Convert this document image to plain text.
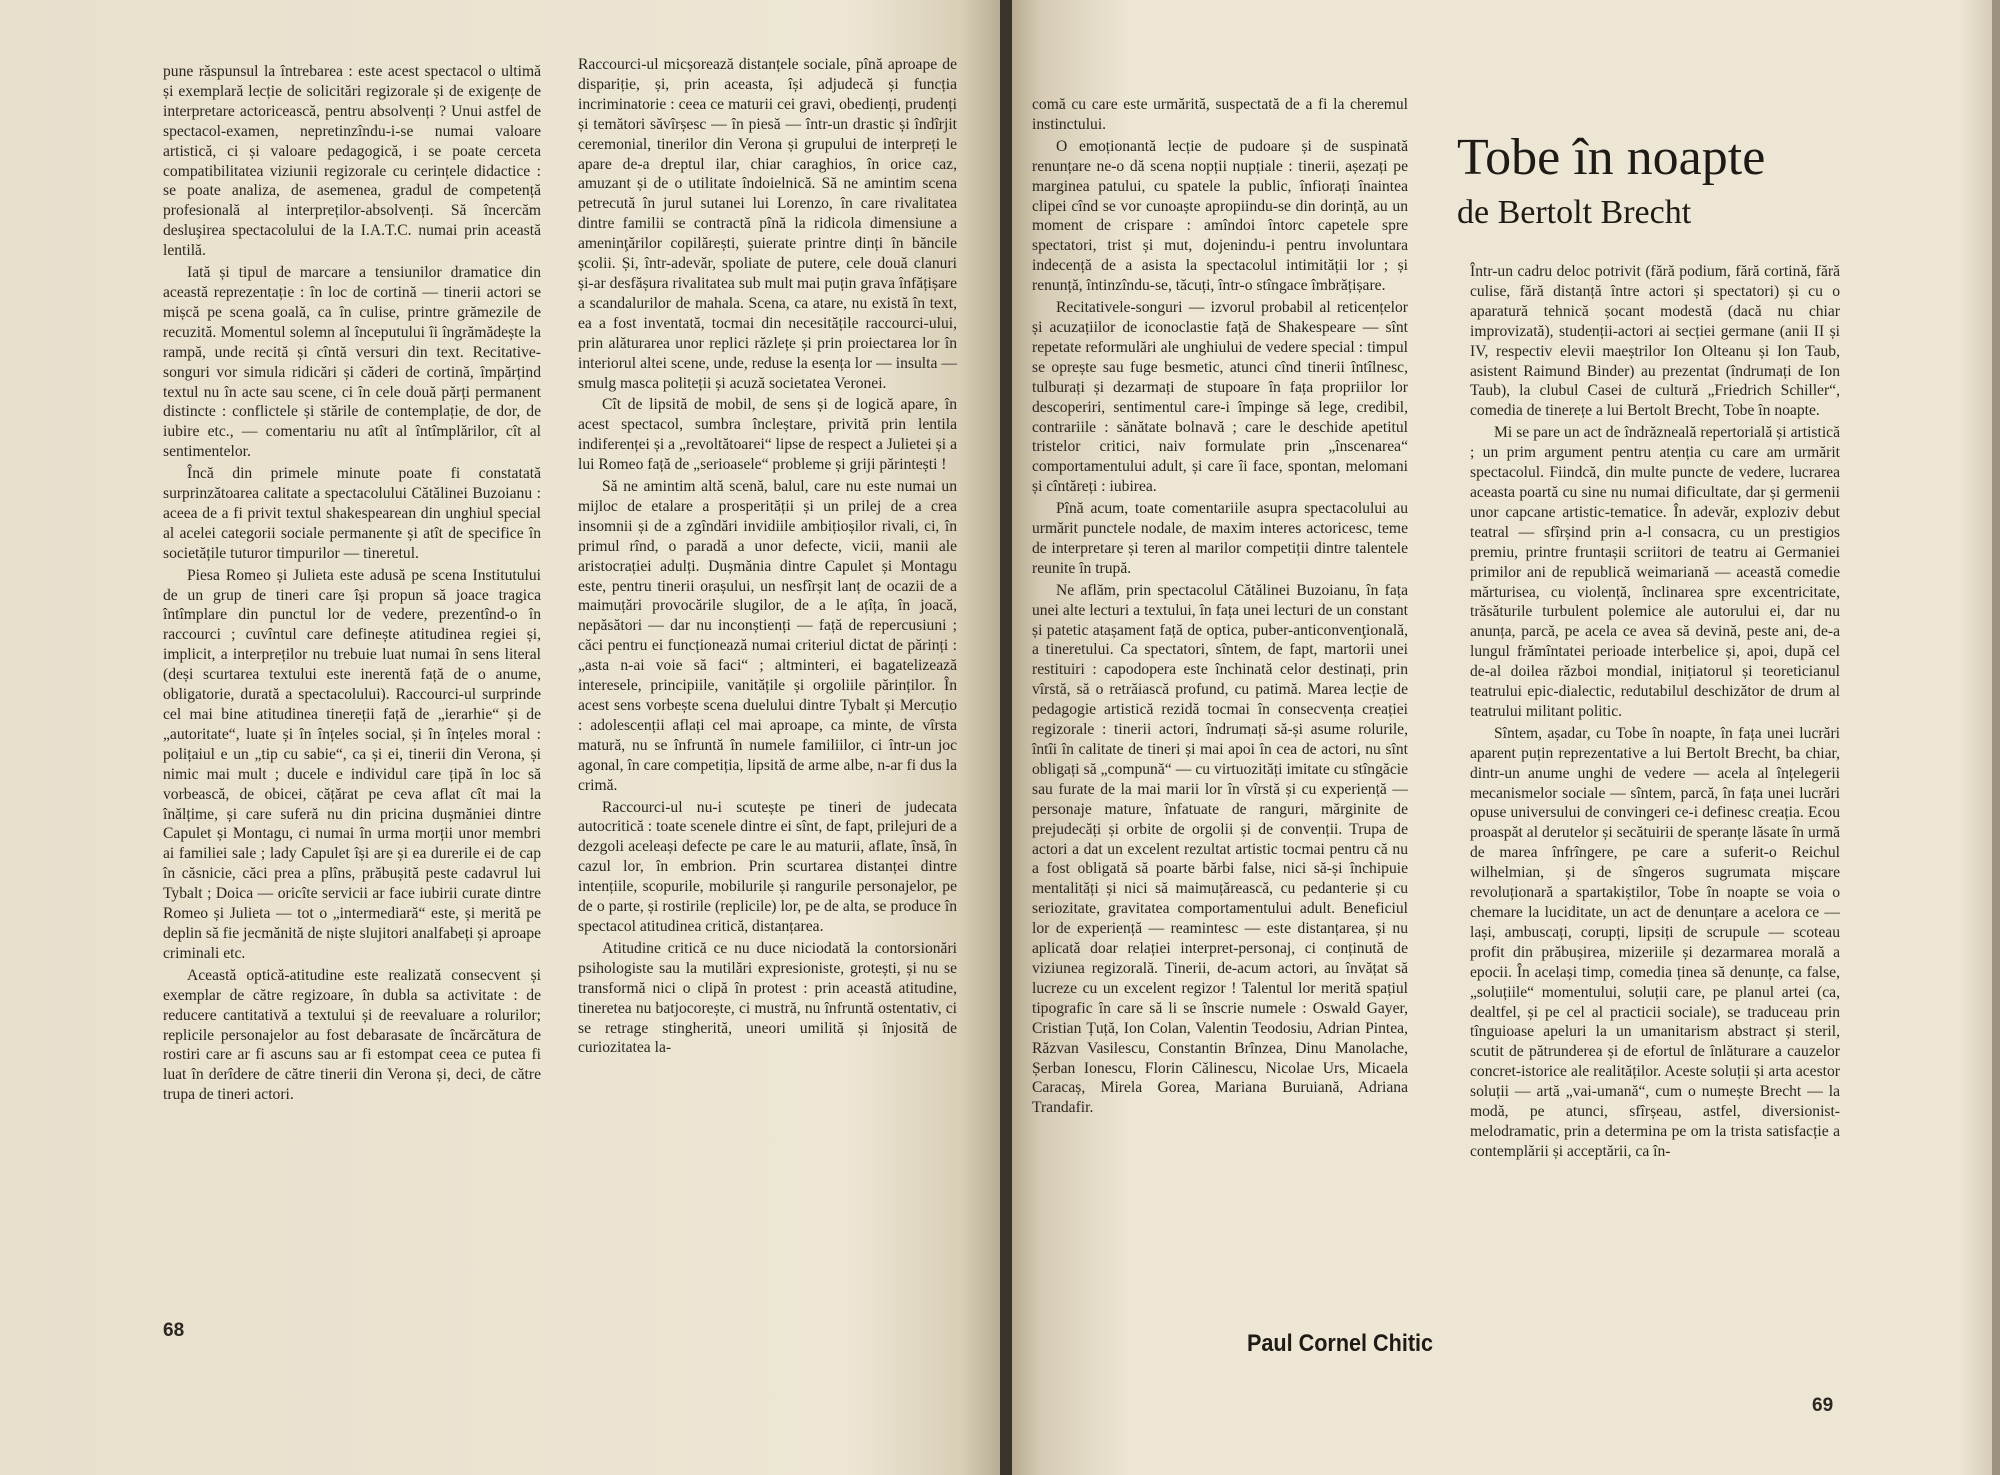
pune răspunsul la întrebarea : este acest spectacol o ultimă și exemplară lecție de solicitări regizorale și de exigențe de interpretare actoricească, pentru absolvenți ? Unui astfel de spectacol-examen, nepretinzîndu-i-se numai valoare artistică, ci și valoare pedagogică, i se poate cerceta compatibilitatea viziunii regizorale cu cerințele didactice : se poate analiza, de asemenea, gradul de competență profesională al interpreților-absolvenți. Să încercăm desluşirea spectacolului de la I.A.T.C. numai prin această lentilă.

Iată și tipul de marcare a tensiunilor dramatice din această reprezentație : în loc de cortină — tinerii actori se mișcă pe scena goală, ca în culise, printre grămezile de recuzită. Momentul solemn al începutului îi îngrămădește la rampă, unde recită și cîntă versuri din text. Recitative-songuri vor simula ridicări și căderi de cortină, împărțind textul nu în acte sau scene, ci în cele două părți permanent distincte : conflictele și stările de contemplație, de dor, de iubire etc., — comentariu nu atît al întîmplărilor, cît al sentimentelor.

Încă din primele minute poate fi constatată surprinzătoarea calitate a spectacolului Cătălinei Buzoianu : aceea de a fi privit textul shakespearean din unghiul special al acelei categorii sociale permanente și atît de specifice în societățile tuturor timpurilor — tineretul.

Piesa Romeo și Julieta este adusă pe scena Institutului de un grup de tineri care își propun să joace tragica întîmplare din punctul lor de vedere, prezentînd-o în raccourci ; cuvîntul care definește atitudinea regiei și, implicit, a interpreților nu trebuie luat numai în sens literal (deși scurtarea textului este inerentă față de o anume, obligatorie, durată a spectacolului). Raccourci-ul surprinde cel mai bine atitudinea tinereții față de „ierarhie“ și de „autoritate“, luate și în înțeles social, și în înțeles moral : polițaiul e un „tip cu sabie“, ca și ei, tinerii din Verona, și nimic mai mult ; ducele e individul care țipă în loc să vorbească, de obicei, cățărat pe ceva aflat cît mai la înălțime, și care suferă nu din pricina dușmăniei dintre Capulet și Montagu, ci numai în urma morții unor membri ai familiei sale ; lady Capulet își are și ea durerile ei de cap în căsnicie, căci prea a plîns, prăbușită peste cadavrul lui Tybalt ; Doica — oricîte servicii ar face iubirii curate dintre Romeo și Julieta — tot o „intermediară“ este, și merită pe deplin să fie jecmănită de niște slujitori analfabeți și aproape criminali etc.

Această optică-atitudine este realizată consecvent și exemplar de către regizoare, în dubla sa activitate : de reducere cantitativă a textului și de reevaluare a rolurilor; replicile personajelor au fost debarasate de încărcătura de rostiri care ar fi ascuns sau ar fi estompat ceea ce putea fi luat în derîdere de către tinerii din Verona și, deci, de către trupa de tineri actori.

Raccourci-ul micșorează distanțele sociale, pînă aproape de dispariție, și, prin aceasta, își adjudecă și funcția incriminatorie : ceea ce maturii cei gravi, obedienți, prudenți și temători săvîrșesc — în piesă — într-un drastic și îndîrjit ceremonial, tinerilor din Verona și grupului de interpreți le apare de-a dreptul ilar, chiar caraghios, în orice caz, amuzant și de o utilitate îndoielnică. Să ne amintim scena petrecută în jurul sutanei lui Lorenzo, în care rivalitatea dintre familii se contractă pînă la ridicola dimensiune a ameninţărilor copilărești, șuierate printre dinți în băncile școlii. Și, într-adevăr, spoliate de putere, cele două clanuri și-ar desfășura rivalitatea sub mult mai puțin grava înfățișare a scandalurilor de mahala. Scena, ca atare, nu există în text, ea a fost inventată, tocmai din necesitățile raccourci-ului, prin alăturarea unor replici răzlețe și prin proiectarea lor în interiorul altei scene, unde, reduse la esența lor — insulta — smulg masca politeții și acuză societatea Veronei.

Cît de lipsită de mobil, de sens și de logică apare, în acest spectacol, sumbra încleștare, privită prin lentila indiferenței și a „revoltătoarei“ lipse de respect a Julietei și a lui Romeo față de „serioasele“ probleme și griji părintești !

Să ne amintim altă scenă, balul, care nu este numai un mijloc de etalare a prosperității și un prilej de a crea insomnii și de a zgîndări invidiile ambițioșilor rivali, ci, în primul rînd, o paradă a unor defecte, vicii, manii ale aristocrației adulți. Dușmănia dintre Capulet și Montagu este, pentru tinerii orașului, un nesfîrșit lanț de ocazii de a maimuțări provocările slugilor, de a le ațîța, în joacă, nepăsători — dar nu inconștienți — față de repercusiuni ; căci pentru ei funcționează numai criteriul dictat de părinți : „asta n-ai voie să faci“ ; altminteri, ei bagatelizează interesele, principiile, vanitățile și orgoliile părinților. În acest sens vorbește scena duelului dintre Tybalt și Mercuțio : adolescenții aflați cel mai aproape, ca minte, de vîrsta matură, nu se înfruntă în numele familiilor, ci într-un joc agonal, în care competiția, lipsită de arme albe, n-ar fi dus la crimă.

Raccourci-ul nu-i scutește pe tineri de judecata autocritică : toate scenele dintre ei sînt, de fapt, prilejuri de a dezgoli aceleași defecte pe care le au maturii, aflate, însă, în cazul lor, în embrion. Prin scurtarea distanței dintre intențiile, scopurile, mobilurile și rangurile personajelor, pe de o parte, și rostirile (replicile) lor, pe de alta, se produce în spectacol atitudinea critică, distanțarea.

Atitudine critică ce nu duce niciodată la contorsionări psihologiste sau la mutilări expresioniste, grotești, și nu se transformă nici o clipă în protest : prin această atitudine, tineretea nu batjocorește, ci mustră, nu înfruntă ostentativ, ci se retrage stingherită, uneori umilită și înjosită de curiozitatea la-

68

comă cu care este urmărită, suspectată de a fi la cheremul instinctului.

O emoționantă lecție de pudoare și de suspinată renunțare ne-o dă scena nopții nupțiale : tinerii, așezați pe marginea patului, cu spatele la public, înfiorați înaintea clipei cînd se vor cunoaște apropiindu-se din dorință, au un moment de crispare : amîndoi întorc capetele spre spectatori, trist și mut, dojenindu-i pentru involuntara indecență de a asista la spectacolul intimității lor ; și renunță, întinzîndu-se, tăcuți, într-o stîngace îmbrățișare.

Recitativele-songuri — izvorul probabil al reticențelor și acuzațiilor de iconoclastie față de Shakespeare — sînt repetate reformulări ale unghiului de vedere special : timpul se oprește sau fuge besmetic, atunci cînd tinerii întîlnesc, tulburați și dezarmați de stupoare în fața propriilor lor descoperiri, sentimentul care-i împinge să lege, credibil, contrariile : sănătate bolnavă ; care le deschide apetitul tristelor critici, naiv formulate prin „înscenarea“ comportamentului adult, și care îi face, spontan, melomani și cîntăreți : iubirea.

Pînă acum, toate comentariile asupra spectacolului au urmărit punctele nodale, de maxim interes actoricesc, teme de interpretare și teren al marilor competiții dintre talentele reunite în trupă.

Ne aflăm, prin spectacolul Cătălinei Buzoianu, în fața unei alte lecturi a textului, în fața unei lecturi de un constant și patetic atașament față de optica, puber-anticonvenţională, a tineretului. Ca spectatori, sîntem, de fapt, martorii unei restituiri : capodopera este închinată celor destinați, prin vîrstă, să o retrăiască profund, cu patimă. Marea lecție de pedagogie artistică rezidă tocmai în consecvența creației regizorale : tinerii actori, îndrumați să-și asume rolurile, întîi în calitate de tineri și mai apoi în cea de actori, nu sînt obligați să „compună“ — cu virtuozități imitate cu stîngăcie sau furate de la mai marii lor în vîrstă și cu experiență — personaje mature, înfatuate de ranguri, mărginite de prejudecăți și orbite de orgolii și de convenții. Trupa de actori a dat un excelent rezultat artistic tocmai pentru că nu a fost obligată să poarte bărbi false, nici să-și închipuie mentalități și nici să maimuțărească, cu pedanterie și cu seriozitate, gravitatea comportamentului adult. Beneficiul lor de experiență — reamintesc — este distanțarea, și nu aplicată doar relației interpret-personaj, ci conținută de viziunea regizorală. Tinerii, de-acum actori, au învățat să lucreze cu un excelent regizor ! Talentul lor merită spațiul tipografic în care să li se înscrie numele : Oswald Gayer, Cristian Țuță, Ion Colan, Valentin Teodosiu, Adrian Pintea, Răzvan Vasilescu, Constantin Brînzea, Dinu Manolache, Șerban Ionescu, Florin Călinescu, Nicolae Urs, Micaela Caracaș, Mirela Gorea, Mariana Buruiană, Adriana Trandafir.

Tobe în noapte
de Bertolt Brecht

Într-un cadru deloc potrivit (fără podium, fără cortină, fără culise, fără distanță între actori și spectatori) și cu o aparatură tehnică șocant modestă (dacă nu chiar improvizată), studenții-actori ai secției germane (anii II și IV, respectiv elevii maeștrilor Ion Olteanu și Ion Taub, asistent Raimund Binder) au prezentat (îndrumați de Ion Taub), la clubul Casei de cultură „Friedrich Schiller“, comedia de tinerețe a lui Bertolt Brecht, Tobe în noapte.

Mi se pare un act de îndrăzneală repertorială și artistică ; un prim argument pentru atenția cu care am urmărit spectacolul. Fiindcă, din multe puncte de vedere, lucrarea aceasta poartă cu sine nu numai dificultate, dar și germenii unor capcane artistic-tematice. În adevăr, exploziv debut teatral — sfîrșind prin a-l consacra, cu un prestigios premiu, printre fruntașii scriitori de teatru ai Germaniei primilor ani de republică weimariană — această comedie mărturisea, cu violență, înclinarea spre excentricitate, trăsăturile turbulent polemice ale autorului ei, dar nu anunța, parcă, pe acela ce avea să devină, peste ani, de-a lungul frămîntatei perioade interbelice și, apoi, după cel de-al doilea război mondial, inițiatorul și teoreticianul teatrului epic-dialectic, redutabilul deschizător de drum al teatrului militant politic.

Sîntem, așadar, cu Tobe în noapte, în fața unei lucrări aparent puțin reprezentative a lui Bertolt Brecht, ba chiar, dintr-un anume unghi de vedere — acela al înțelegerii mecanismelor sociale — sîntem, parcă, în fața unei lucrări opuse universului de convingeri ce-i definesc creația. Ecou proaspăt al derutelor și secătuirii de speranțe lăsate în urmă de marea înfrîngere, pe care a suferit-o Reichul wilhelmian, și de sîngeros sugrumata mișcare revoluționară a spartakiștilor, Tobe în noapte se voia o chemare la luciditate, un act de denunțare a acelora ce — lași, ambuscați, corupți, lipsiți de scrupule — scoteau profit din prăbușirea, mizeriile și dezarmarea morală a epocii. În același timp, comedia ținea să denunțe, ca false, „soluțiile“ momentului, soluții care, pe planul artei (ca, dealtfel, și pe cel al practicii sociale), se traduceau prin tînguioase apeluri la un umanitarism abstract și steril, scutit de pătrunderea și de efortul de înlăturare a cauzelor concret-istorice ale realităților. Aceste soluții și arta acestor soluții — artă „vai-umană“, cum o numește Brecht — la modă, pe atunci, sfîrșeau, astfel, diversionist-melodramatic, prin a determina pe om la trista satisfacție a contemplării și acceptării, ca în-

Paul Cornel Chitic
69
